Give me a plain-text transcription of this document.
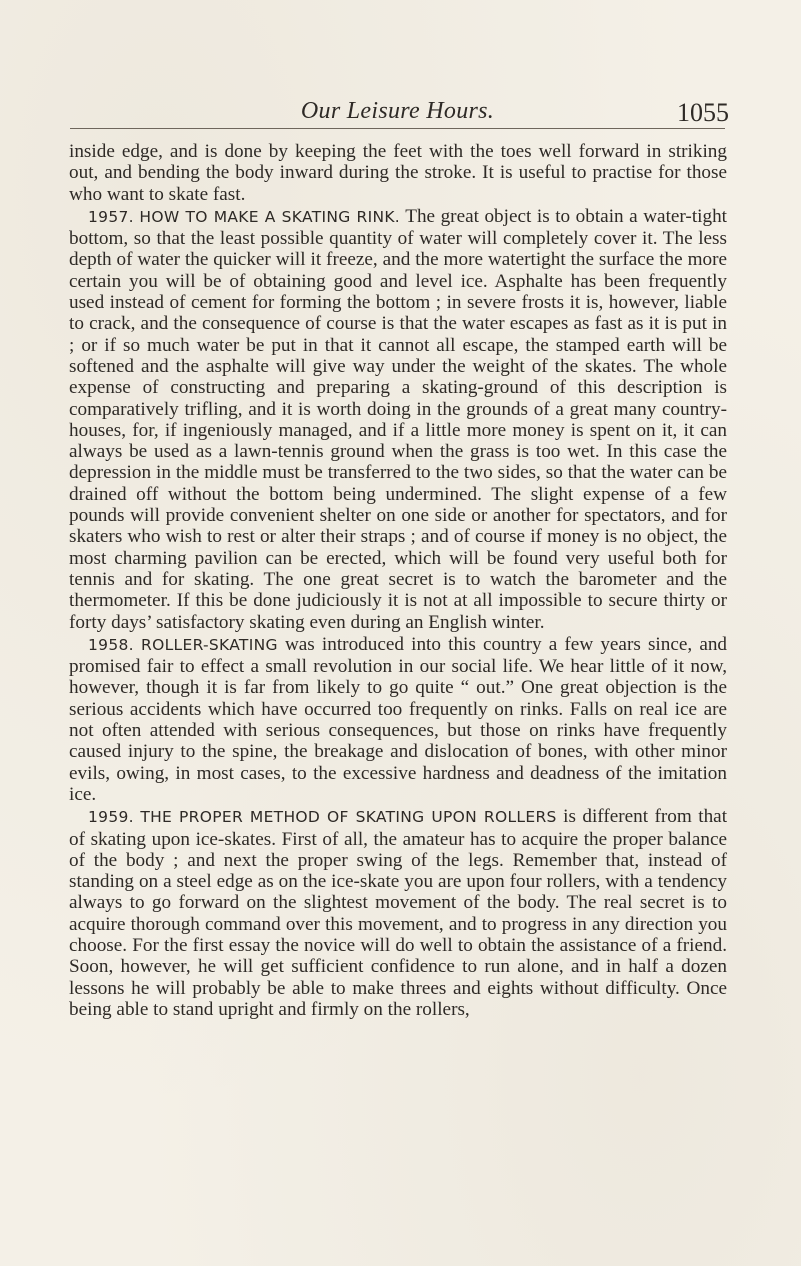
Our Leisure Hours.	1055

inside edge, and is done by keeping the feet with the toes well forward in striking out, and bending the body inward during the stroke. It is useful to practise for those who want to skate fast.

1957. HOW TO MAKE A SKATING RINK. The great object is to obtain a water-tight bottom, so that the least possible quantity of water will completely cover it. The less depth of water the quicker will it freeze, and the more watertight the surface the more certain you will be of obtaining good and level ice. Asphalte has been frequently used instead of cement for forming the bottom ; in severe frosts it is, however, liable to crack, and the consequence of course is that the water escapes as fast as it is put in ; or if so much water be put in that it cannot all escape, the stamped earth will be softened and the asphalte will give way under the weight of the skates. The whole expense of constructing and preparing a skating-ground of this description is comparatively trifling, and it is worth doing in the grounds of a great many country-houses, for, if ingeniously managed, and if a little more money is spent on it, it can always be used as a lawn-tennis ground when the grass is too wet. In this case the depression in the middle must be transferred to the two sides, so that the water can be drained off without the bottom being undermined. The slight expense of a few pounds will provide convenient shelter on one side or another for spectators, and for skaters who wish to rest or alter their straps ; and of course if money is no object, the most charming pavilion can be erected, which will be found very useful both for tennis and for skating. The one great secret is to watch the barometer and the thermometer. If this be done judiciously it is not at all impossible to secure thirty or forty days’ satisfactory skating even during an English winter.

1958. ROLLER-SKATING was introduced into this country a few years since, and promised fair to effect a small revolution in our social life. We hear little of it now, however, though it is far from likely to go quite “ out.” One great objection is the serious accidents which have occurred too frequently on rinks. Falls on real ice are not often attended with serious consequences, but those on rinks have frequently caused injury to the spine, the breakage and dislocation of bones, with other minor evils, owing, in most cases, to the excessive hardness and deadness of the imitation ice.

1959. THE PROPER METHOD OF SKATING UPON ROLLERS is different from that of skating upon ice-skates. First of all, the amateur has to acquire the proper balance of the body ; and next the proper swing of the legs. Remember that, instead of standing on a steel edge as on the ice-skate you are upon four rollers, with a tendency always to go forward on the slightest movement of the body. The real secret is to acquire thorough command over this movement, and to progress in any direction you choose. For the first essay the novice will do well to obtain the assistance of a friend. Soon, however, he will get sufficient confidence to run alone, and in half a dozen lessons he will probably be able to make threes and eights without difficulty. Once being able to stand upright and firmly on the rollers,
